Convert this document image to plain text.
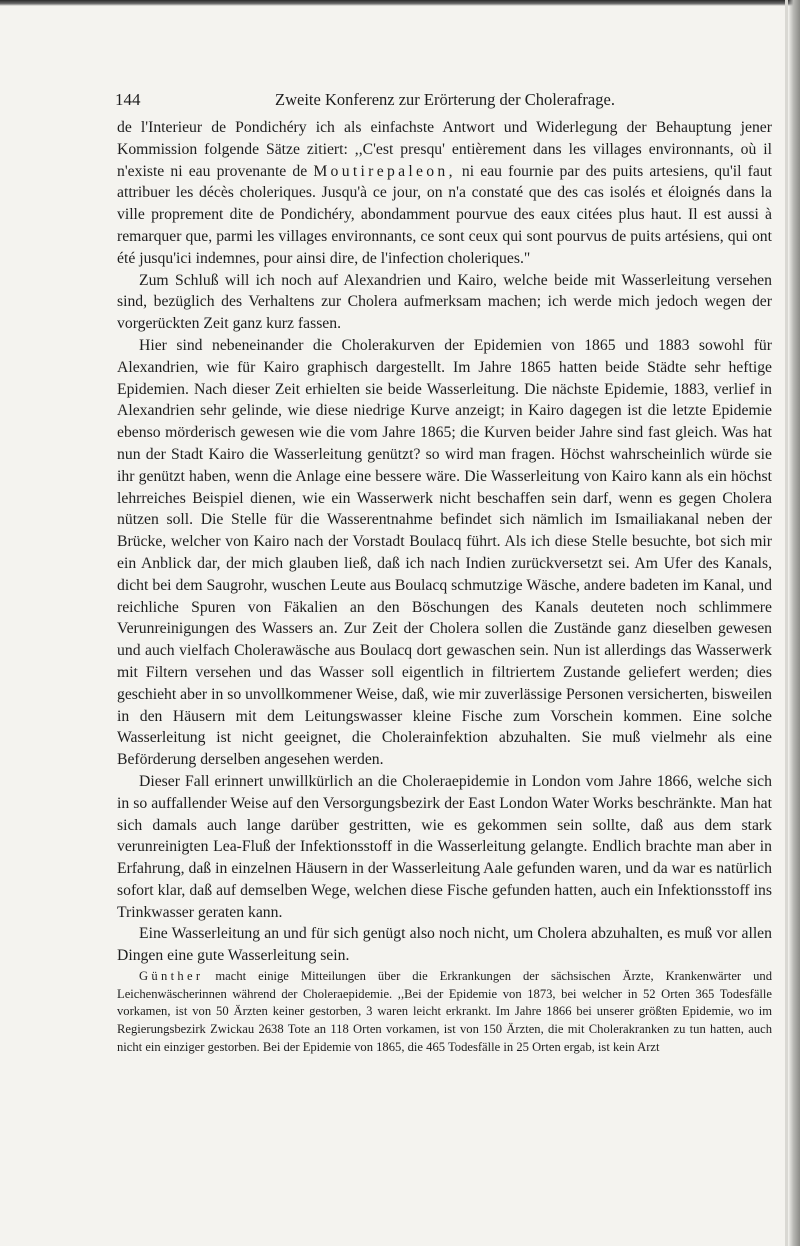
144	Zweite Konferenz zur Erörterung der Cholerafrage.

de l'Interieur de Pondichéry ich als einfachste Antwort und Widerlegung der Behauptung jener Kommission folgende Sätze zitiert: ,,C'est presqu' entièrement dans les villages environnants, où il n'existe ni eau provenante de Moutirepaleon, ni eau fournie par des puits artesiens, qu'il faut attribuer les décès choleriques. Jusqu'à ce jour, on n'a constaté que des cas isolés et éloignés dans la ville proprement dite de Pondichéry, abondamment pourvue des eaux citées plus haut. Il est aussi à remarquer que, parmi les villages environnants, ce sont ceux qui sont pourvus de puits artésiens, qui ont été jusqu'ici indemnes, pour ainsi dire, de l'infection choleriques."

Zum Schluß will ich noch auf Alexandrien und Kairo, welche beide mit Wasserleitung versehen sind, bezüglich des Verhaltens zur Cholera aufmerksam machen; ich werde mich jedoch wegen der vorgerückten Zeit ganz kurz fassen.

Hier sind nebeneinander die Cholerakurven der Epidemien von 1865 und 1883 sowohl für Alexandrien, wie für Kairo graphisch dargestellt. Im Jahre 1865 hatten beide Städte sehr heftige Epidemien. Nach dieser Zeit erhielten sie beide Wasserleitung. Die nächste Epidemie, 1883, verlief in Alexandrien sehr gelinde, wie diese niedrige Kurve anzeigt; in Kairo dagegen ist die letzte Epidemie ebenso mörderisch gewesen wie die vom Jahre 1865; die Kurven beider Jahre sind fast gleich. Was hat nun der Stadt Kairo die Wasserleitung genützt? so wird man fragen. Höchst wahrscheinlich würde sie ihr genützt haben, wenn die Anlage eine bessere wäre. Die Wasserleitung von Kairo kann als ein höchst lehrreiches Beispiel dienen, wie ein Wasserwerk nicht beschaffen sein darf, wenn es gegen Cholera nützen soll. Die Stelle für die Wasserentnahme befindet sich nämlich im Ismailiakanal neben der Brücke, welcher von Kairo nach der Vorstadt Boulacq führt. Als ich diese Stelle besuchte, bot sich mir ein Anblick dar, der mich glauben ließ, daß ich nach Indien zurückversetzt sei. Am Ufer des Kanals, dicht bei dem Saugrohr, wuschen Leute aus Boulacq schmutzige Wäsche, andere badeten im Kanal, und reichliche Spuren von Fäkalien an den Böschungen des Kanals deuteten noch schlimmere Verunreinigungen des Wassers an. Zur Zeit der Cholera sollen die Zustände ganz dieselben gewesen und auch vielfach Cholerawäsche aus Boulacq dort gewaschen sein. Nun ist allerdings das Wasserwerk mit Filtern versehen und das Wasser soll eigentlich in filtriertem Zustande geliefert werden; dies geschieht aber in so unvollkommener Weise, daß, wie mir zuverlässige Personen versicherten, bisweilen in den Häusern mit dem Leitungswasser kleine Fische zum Vorschein kommen. Eine solche Wasserleitung ist nicht geeignet, die Cholerainfektion abzuhalten. Sie muß vielmehr als eine Beförderung derselben angesehen werden.

Dieser Fall erinnert unwillkürlich an die Choleraepidemie in London vom Jahre 1866, welche sich in so auffallender Weise auf den Versorgungsbezirk der East London Water Works beschränkte. Man hat sich damals auch lange darüber gestritten, wie es gekommen sein sollte, daß aus dem stark verunreinigten Lea-Fluß der Infektionsstoff in die Wasserleitung gelangte. Endlich brachte man aber in Erfahrung, daß in einzelnen Häusern in der Wasserleitung Aale gefunden waren, und da war es natürlich sofort klar, daß auf demselben Wege, welchen diese Fische gefunden hatten, auch ein Infektionsstoff ins Trinkwasser geraten kann.

Eine Wasserleitung an und für sich genügt also noch nicht, um Cholera abzuhalten, es muß vor allen Dingen eine gute Wasserleitung sein.

Günther macht einige Mitteilungen über die Erkrankungen der sächsischen Ärzte, Krankenwärter und Leichenwäscherinnen während der Choleraepidemie. ,,Bei der Epidemie von 1873, bei welcher in 52 Orten 365 Todesfälle vorkamen, ist von 50 Ärzten keiner gestorben, 3 waren leicht erkrankt. Im Jahre 1866 bei unserer größten Epidemie, wo im Regierungsbezirk Zwickau 2638 Tote an 118 Orten vorkamen, ist von 150 Ärzten, die mit Cholerakranken zu tun hatten, auch nicht ein einziger gestorben. Bei der Epidemie von 1865, die 465 Todesfälle in 25 Orten ergab, ist kein Arzt
